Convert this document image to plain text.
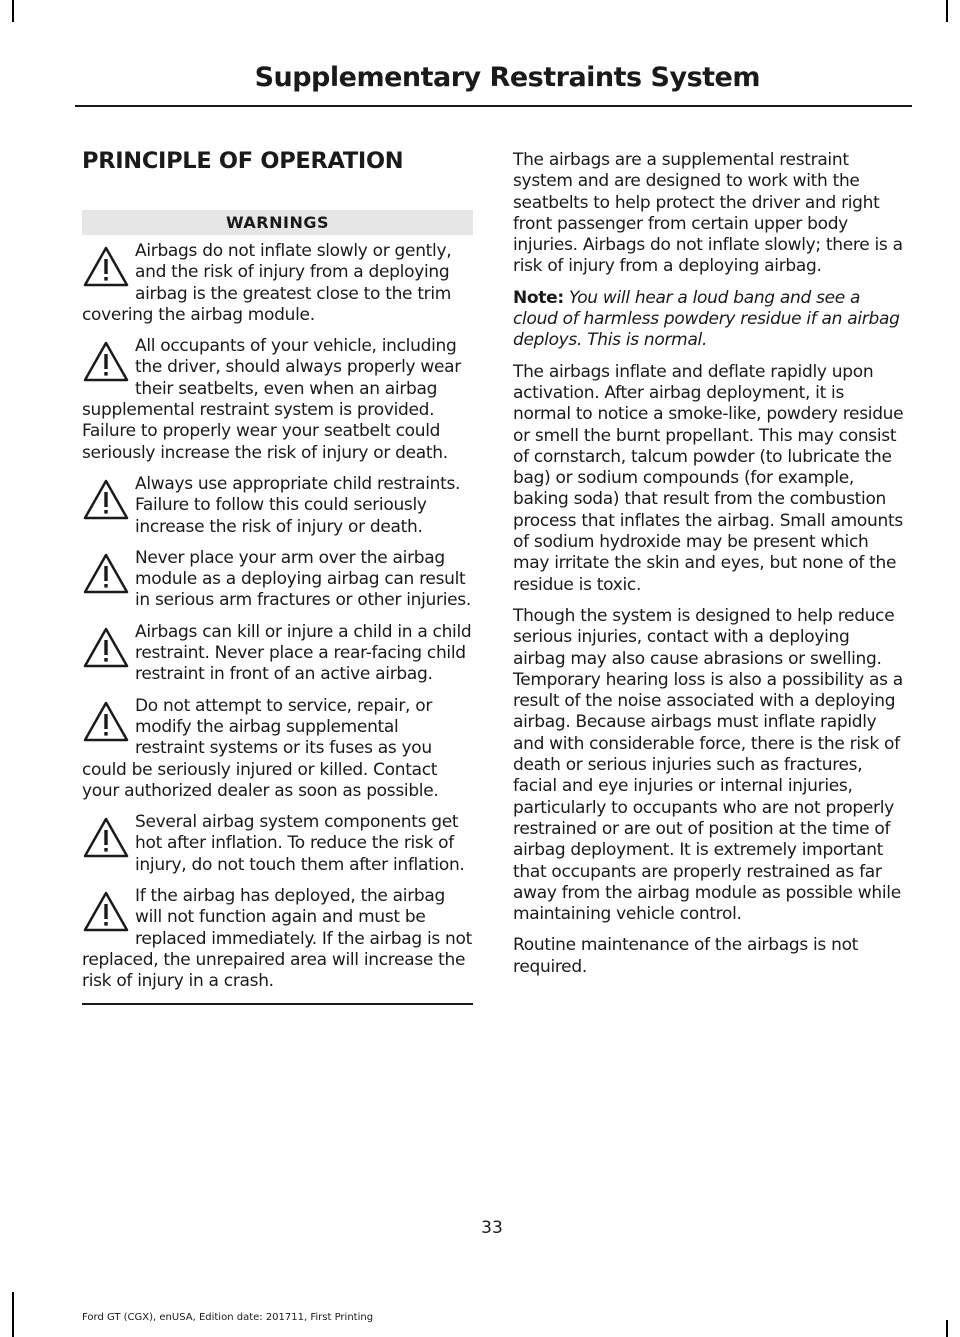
Supplementary Restraints System
PRINCIPLE OF OPERATION
WARNINGS
Airbags do not inflate slowly or gently, and the risk of injury from a deploying airbag is the greatest close to the trim covering the airbag module.
All occupants of your vehicle, including the driver, should always properly wear their seatbelts, even when an airbag supplemental restraint system is provided. Failure to properly wear your seatbelt could seriously increase the risk of injury or death.
Always use appropriate child restraints. Failure to follow this could seriously increase the risk of injury or death.
Never place your arm over the airbag module as a deploying airbag can result in serious arm fractures or other injuries.
Airbags can kill or injure a child in a child restraint. Never place a rear-facing child restraint in front of an active airbag.
Do not attempt to service, repair, or modify the airbag supplemental restraint systems or its fuses as you could be seriously injured or killed. Contact your authorized dealer as soon as possible.
Several airbag system components get hot after inflation. To reduce the risk of injury, do not touch them after inflation.
If the airbag has deployed, the airbag will not function again and must be replaced immediately. If the airbag is not replaced, the unrepaired area will increase the risk of injury in a crash.

The airbags are a supplemental restraint system and are designed to work with the seatbelts to help protect the driver and right front passenger from certain upper body injuries. Airbags do not inflate slowly; there is a risk of injury from a deploying airbag.

Note: You will hear a loud bang and see a cloud of harmless powdery residue if an airbag deploys. This is normal.

The airbags inflate and deflate rapidly upon activation. After airbag deployment, it is normal to notice a smoke-like, powdery residue or smell the burnt propellant. This may consist of cornstarch, talcum powder (to lubricate the bag) or sodium compounds (for example, baking soda) that result from the combustion process that inflates the airbag. Small amounts of sodium hydroxide may be present which may irritate the skin and eyes, but none of the residue is toxic.

Though the system is designed to help reduce serious injuries, contact with a deploying airbag may also cause abrasions or swelling. Temporary hearing loss is also a possibility as a result of the noise associated with a deploying airbag. Because airbags must inflate rapidly and with considerable force, there is the risk of death or serious injuries such as fractures, facial and eye injuries or internal injuries, particularly to occupants who are not properly restrained or are out of position at the time of airbag deployment. It is extremely important that occupants are properly restrained as far away from the airbag module as possible while maintaining vehicle control.

Routine maintenance of the airbags is not required.

33
Ford GT (CGX), enUSA, Edition date: 201711, First Printing
